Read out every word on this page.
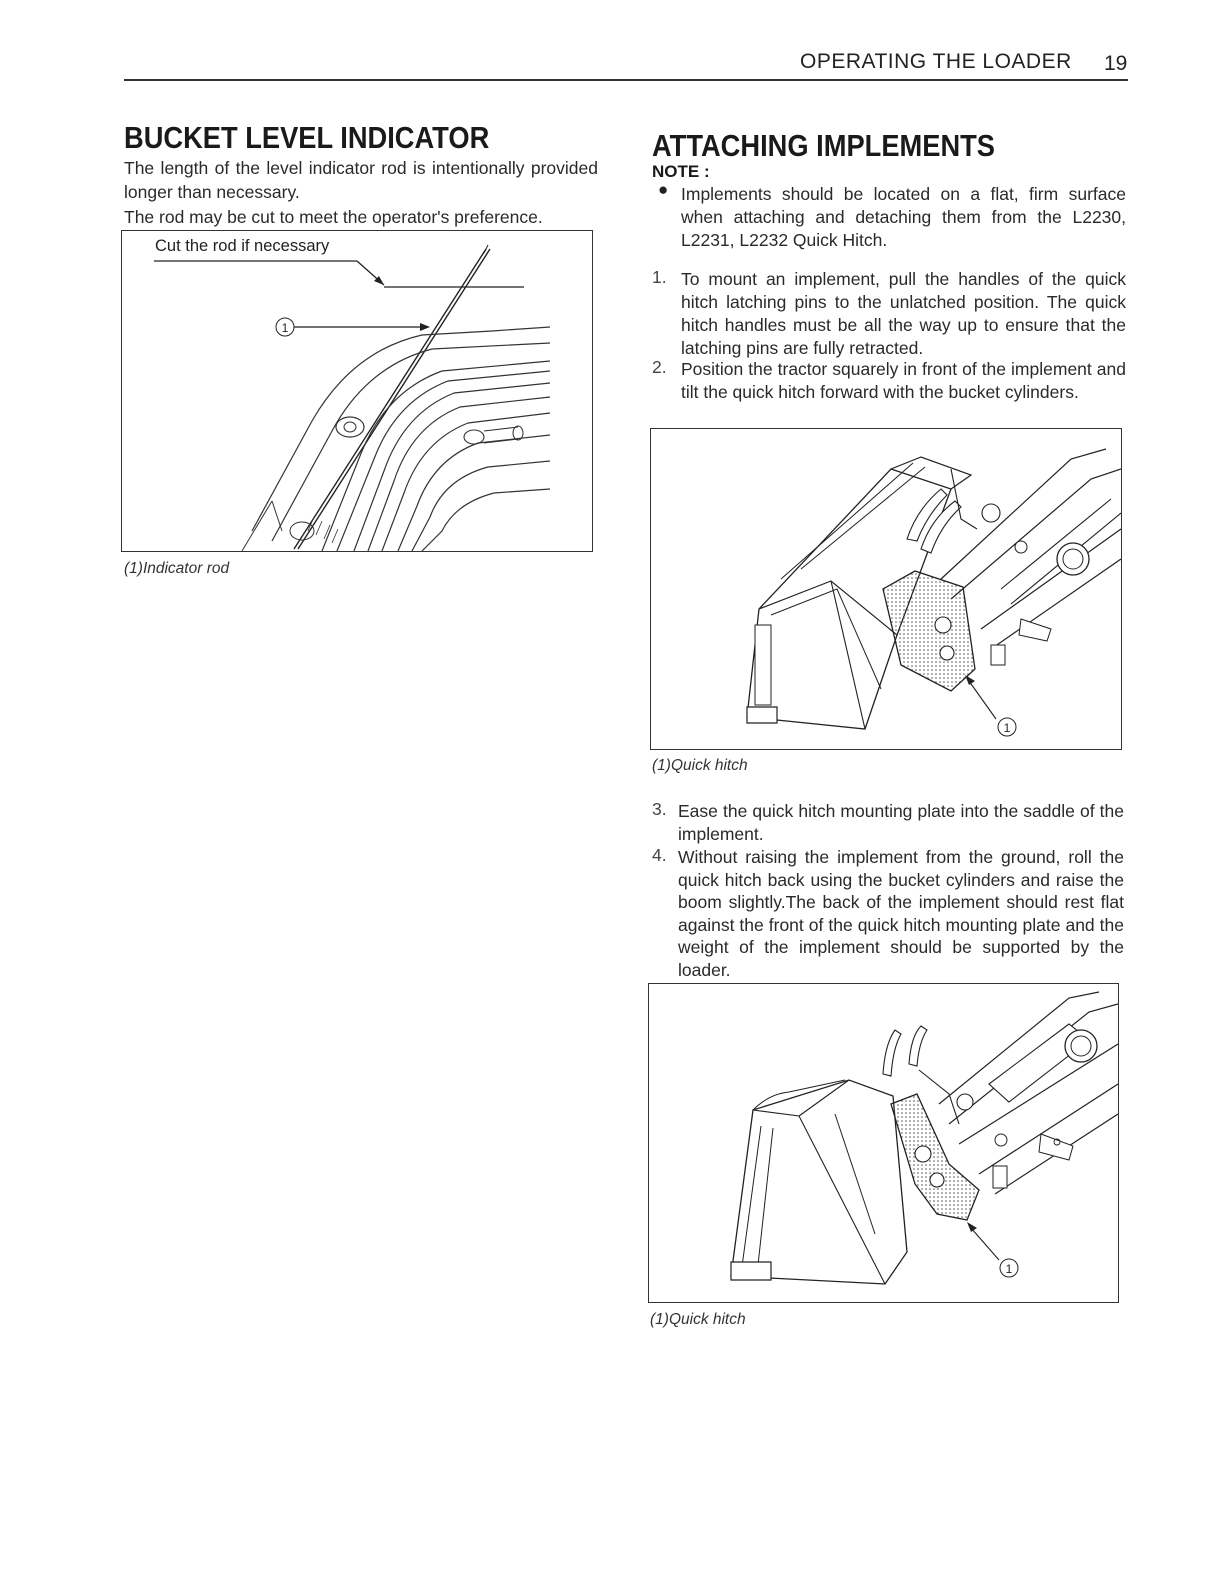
OPERATING THE LOADER 19
BUCKET LEVEL INDICATOR
The length of the level indicator rod is intentionally provided longer than necessary.
The rod may be cut to meet the operator's preference.
1
Cut the rod if necessary
(1)Indicator rod
ATTACHING IMPLEMENTS
NOTE :
● Implements should be located on a flat, firm surface when attaching and detaching them from the L2230, L2231, L2232 Quick Hitch.
1. To mount an implement, pull the handles of the quick hitch latching pins to the unlatched position. The quick hitch handles must be all the way up to ensure that the latching pins are fully retracted.
2. Position the tractor squarely in front of the implement and tilt the quick hitch forward with the bucket cylinders.
1
(1)Quick hitch
3. Ease the quick hitch mounting plate into the saddle of the implement.
4. Without raising the implement from the ground, roll the quick hitch back using the bucket cylinders and raise the boom slightly.The back of the implement should rest flat against the front of the quick hitch mounting plate and the weight of the implement should be supported by the loader.
1
(1)Quick hitch
